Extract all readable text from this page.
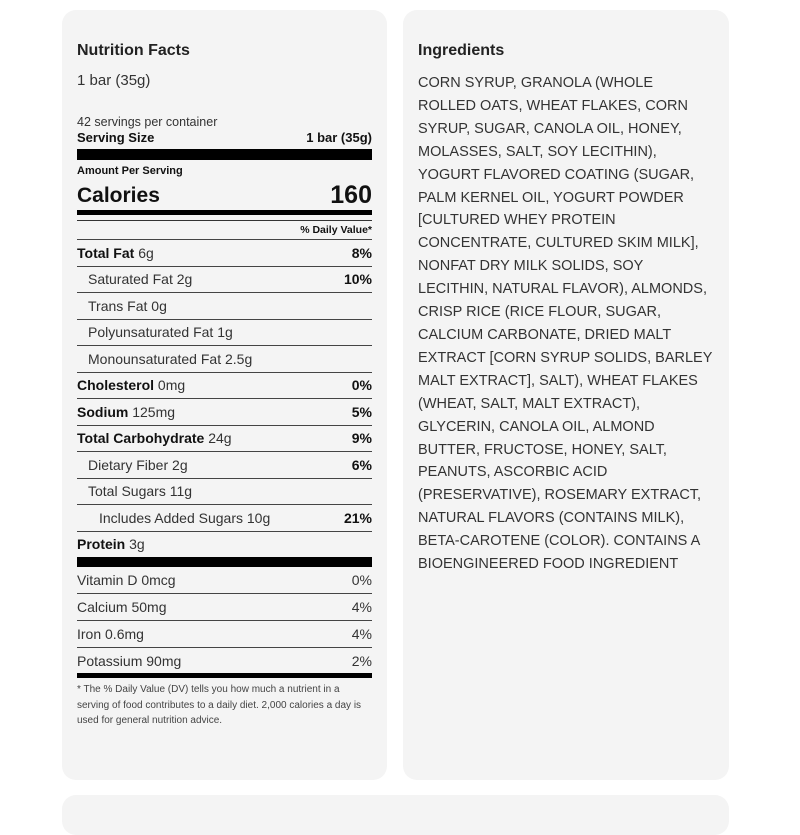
Nutrition Facts
1 bar (35g)
42 servings per container
Serving Size	1 bar (35g)
Amount Per Serving
Calories	160
% Daily Value*
Total Fat 6g	8%
Saturated Fat 2g	10%
Trans Fat 0g
Polyunsaturated Fat 1g
Monounsaturated Fat 2.5g
Cholesterol 0mg	0%
Sodium 125mg	5%
Total Carbohydrate 24g	9%
Dietary Fiber 2g	6%
Total Sugars 11g
Includes Added Sugars 10g	21%
Protein 3g
Vitamin D 0mcg	0%
Calcium 50mg	4%
Iron 0.6mg	4%
Potassium 90mg	2%
* The % Daily Value (DV) tells you how much a nutrient in a serving of food contributes to a daily diet. 2,000 calories a day is used for general nutrition advice.
Ingredients
CORN SYRUP, GRANOLA (WHOLE ROLLED OATS, WHEAT FLAKES, CORN SYRUP, SUGAR, CANOLA OIL, HONEY, MOLASSES, SALT, SOY LECITHIN), YOGURT FLAVORED COATING (SUGAR, PALM KERNEL OIL, YOGURT POWDER [CULTURED WHEY PROTEIN CONCENTRATE, CULTURED SKIM MILK], NONFAT DRY MILK SOLIDS, SOY LECITHIN, NATURAL FLAVOR), ALMONDS, CRISP RICE (RICE FLOUR, SUGAR, CALCIUM CARBONATE, DRIED MALT EXTRACT [CORN SYRUP SOLIDS, BARLEY MALT EXTRACT], SALT), WHEAT FLAKES (WHEAT, SALT, MALT EXTRACT), GLYCERIN, CANOLA OIL, ALMOND BUTTER, FRUCTOSE, HONEY, SALT, PEANUTS, ASCORBIC ACID (PRESERVATIVE), ROSEMARY EXTRACT, NATURAL FLAVORS (CONTAINS MILK), BETA-CAROTENE (COLOR). CONTAINS A BIOENGINEERED FOOD INGREDIENT
